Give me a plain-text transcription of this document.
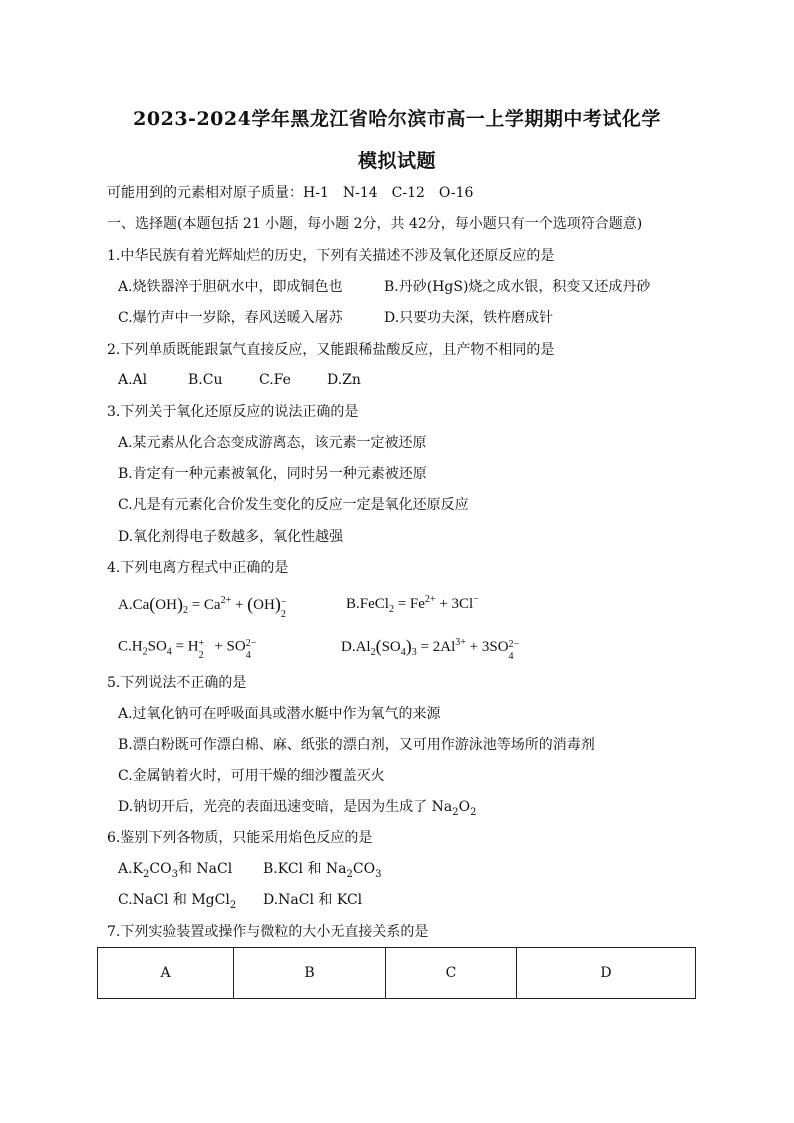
2023-2024学年黑龙江省哈尔滨市高一上学期期中考试化学
模拟试题
可能用到的元素相对原子质量：H-1　N-14　C-12　O-16
一、选择题(本题包括 21 小题，每小题 2分，共 42分，每小题只有一个选项符合题意)
1.中华民族有着光辉灿烂的历史，下列有关描述不涉及氧化还原反应的是
A.烧铁器淬于胆矾水中，即成铜色也	B.丹砂(HgS)烧之成水银，积变又还成丹砂
C.爆竹声中一岁除，春风送暖入屠苏	D.只要功夫深，铁杵磨成针
2.下列单质既能跟氯气直接反应，又能跟稀盐酸反应，且产物不相同的是
A.Al	B.Cu	C.Fe	D.Zn
3.下列关于氧化还原反应的说法正确的是
A.某元素从化合态变成游离态，该元素一定被还原
B.肯定有一种元素被氧化，同时另一种元素被还原
C.凡是有元素化合价发生变化的反应一定是氧化还原反应
D.氧化剂得电子数越多，氧化性越强
4.下列电离方程式中正确的是
$A.Ca(OH)_2 = Ca^{2+} + (OH)$ −
2
B.FeCl$_2$ = $Fe^{2+} + 3Cl^-$
$C.H_2SO_4 = H$ +
2
+ SO 2−
4
$D.Al_2(SO_4)_3 = 2Al^{3+} + 3SO$ 2−
4
5.下列说法不正确的是
A.过氧化钠可在呼吸面具或潜水艇中作为氧气的来源
B.漂白粉既可作漂白棉、麻、纸张的漂白剂，又可用作游泳池等场所的消毒剂
C.金属钠着火时，可用干燥的细沙覆盖灭火
D.钠切开后，光亮的表面迅速变暗，是因为生成了 $Na_2O_2$
6.鉴别下列各物质，只能采用焰色反应的是
$A.K_2CO_3$和 NaCl B.KCl 和 $Na_2CO_3$
C.NaCl 和 MgCl$_2$ D.NaCl 和 KCl
7.下列实验装置或操作与微粒的大小无直接关系的是
A	B	C	D
